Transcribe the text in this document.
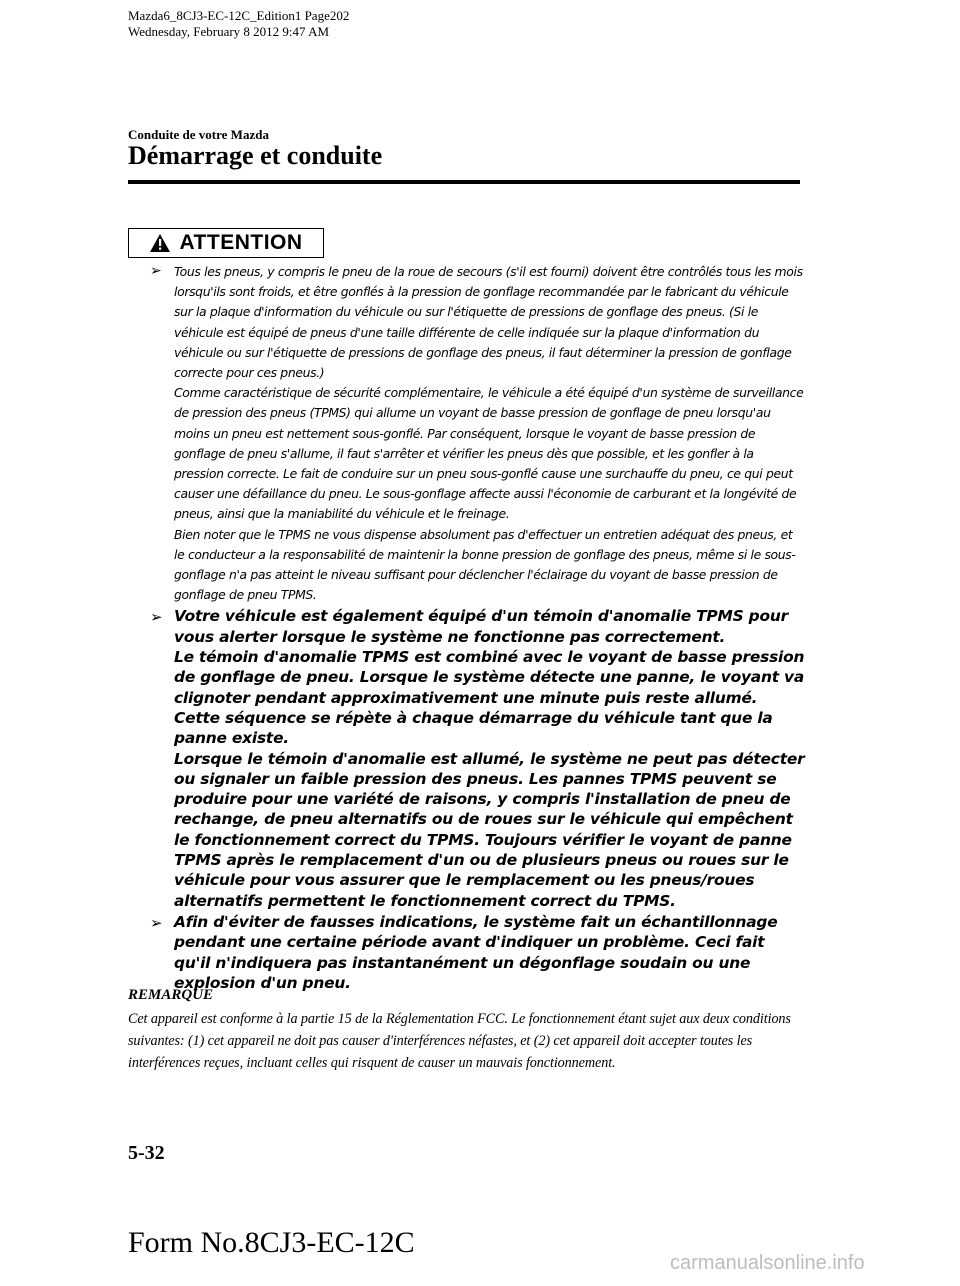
Mazda6_8CJ3-EC-12C_Edition1 Page202
Wednesday, February 8 2012 9:47 AM
Conduite de votre Mazda
Démarrage et conduite
ATTENTION
➢ Tous les pneus, y compris le pneu de la roue de secours (s'il est fourni) doivent être contrôlés tous les mois lorsqu'ils sont froids, et être gonflés à la pression de gonflage recommandée par le fabricant du véhicule sur la plaque d'information du véhicule ou sur l'étiquette de pressions de gonflage des pneus. (Si le véhicule est équipé de pneus d'une taille différente de celle indiquée sur la plaque d'information du véhicule ou sur l'étiquette de pressions de gonflage des pneus, il faut déterminer la pression de gonflage correcte pour ces pneus.)

Comme caractéristique de sécurité complémentaire, le véhicule a été équipé d'un système de surveillance de pression des pneus (TPMS) qui allume un voyant de basse pression de gonflage de pneu lorsqu'au moins un pneu est nettement sous-gonflé. Par conséquent, lorsque le voyant de basse pression de gonflage de pneu s'allume, il faut s'arrêter et vérifier les pneus dès que possible, et les gonfler à la pression correcte. Le fait de conduire sur un pneu sous-gonflé cause une surchauffe du pneu, ce qui peut causer une défaillance du pneu. Le sous-gonflage affecte aussi l'économie de carburant et la longévité de pneus, ainsi que la maniabilité du véhicule et le freinage.

Bien noter que le TPMS ne vous dispense absolument pas d'effectuer un entretien adéquat des pneus, et le conducteur a la responsabilité de maintenir la bonne pression de gonflage des pneus, même si le sous-gonflage n'a pas atteint le niveau suffisant pour déclencher l'éclairage du voyant de basse pression de gonflage de pneu TPMS.

➢ Votre véhicule est également équipé d'un témoin d'anomalie TPMS pour vous alerter lorsque le système ne fonctionne pas correctement.

Le témoin d'anomalie TPMS est combiné avec le voyant de basse pression de gonflage de pneu. Lorsque le système détecte une panne, le voyant va clignoter pendant approximativement une minute puis reste allumé. Cette séquence se répète à chaque démarrage du véhicule tant que la panne existe.

Lorsque le témoin d'anomalie est allumé, le système ne peut pas détecter ou signaler un faible pression des pneus. Les pannes TPMS peuvent se produire pour une variété de raisons, y compris l'installation de pneu de rechange, de pneu alternatifs ou de roues sur le véhicule qui empêchent le fonctionnement correct du TPMS. Toujours vérifier le voyant de panne TPMS après le remplacement d'un ou de plusieurs pneus ou roues sur le véhicule pour vous assurer que le remplacement ou les pneus/roues alternatifs permettent le fonctionnement correct du TPMS.

➢ Afin d'éviter de fausses indications, le système fait un échantillonnage pendant une certaine période avant d'indiquer un problème. Ceci fait qu'il n'indiquera pas instantanément un dégonflage soudain ou une explosion d'un pneu.

REMARQUE

Cet appareil est conforme à la partie 15 de la Réglementation FCC. Le fonctionnement étant sujet aux deux conditions suivantes: (1) cet appareil ne doit pas causer d'interférences néfastes, et (2) cet appareil doit accepter toutes les interférences reçues, incluant celles qui risquent de causer un mauvais fonctionnement.

5-32
Form No.8CJ3-EC-12C
carmanualsonline.info
